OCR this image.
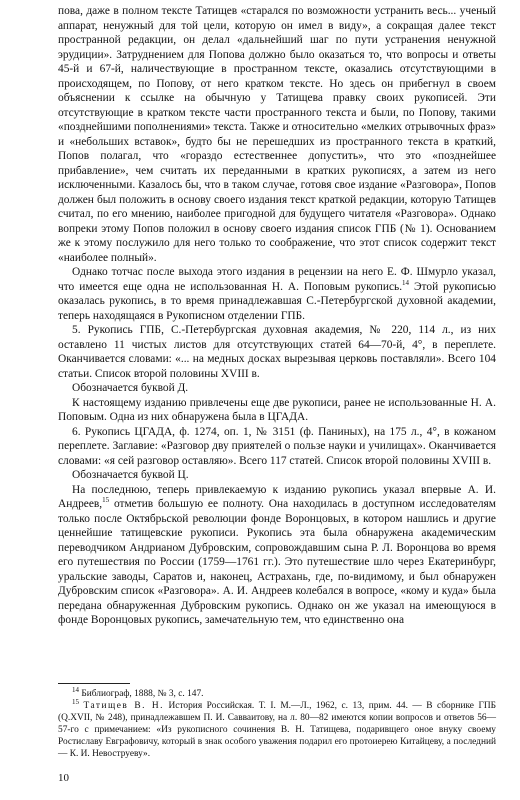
пова, даже в полном тексте Татищев «старался по возможности устранить весь... ученый аппарат, ненужный для той цели, которую он имел в виду», а сокращая далее текст пространной редакции, он делал «дальнейший шаг по пути устранения ненужной эрудиции». Затруднением для Попова должно было оказаться то, что вопросы и ответы 45-й и 67-й, наличествующие в пространном тексте, оказались отсутствующими в происходящем, по Попову, от него кратком тексте. Но здесь он прибегнул в своем объяснении к ссылке на обычную у Татищева правку своих рукописей. Эти отсутствующие в кратком тексте части пространного текста и были, по Попову, такими «позднейшими пополнениями» текста. Также и относительно «мелких отрывочных фраз» и «небольших вставок», будто бы не перешедших из пространного текста в краткий, Попов полагал, что «гораздо естественнее допустить», что это «позднейшее прибавление», чем считать их переданными в кратких рукописях, а затем из него исключенными. Казалось бы, что в таком случае, готовя свое издание «Разговора», Попов должен был положить в основу своего издания текст краткой редакции, которую Татищев считал, по его мнению, наиболее пригодной для будущего читателя «Разговора». Однако вопреки этому Попов положил в основу своего издания список ГПБ (№ 1). Основанием же к этому послужило для него только то соображение, что этот список содержит текст «наиболее полный».

Однако тотчас после выхода этого издания в рецензии на него Е. Ф. Шмурло указал, что имеется еще одна не использованная Н. А. Поповым рукопись.$^{14}$ Этой рукописью оказалась рукопись, в то время принадлежавшая С.-Петербургской духовной академии, теперь находящаяся в Рукописном отделении ГПБ.

5. Рукопись ГПБ, С.-Петербургская духовная академия, № 220, 114 л., из них оставлено 11 чистых листов для отсутствующих статей 64—70-й, 4°, в переплете. Оканчивается словами: «... на медных досках вырезывая церковь поставляли». Всего 104 статьи. Список второй половины XVIII в.

Обозначается буквой Д.

К настоящему изданию привлечены еще две рукописи, ранее не использованные Н. А. Поповым. Одна из них обнаружена была в ЦГАДА.

6. Рукопись ЦГАДА, ф. 1274, оп. 1, № 3151 (ф. Паниных), на 175 л., 4°, в кожаном переплете. Заглавие: «Разговор дву приятелей о пользе науки и училищах». Оканчивается словами: «я сей разговор оставляю». Всего 117 статей. Список второй половины XVIII в.

Обозначается буквой Ц.

На последнюю, теперь привлекаемую к изданию рукопись указал впервые А. И. Андреев,$^{15}$ отметив большую ее полноту. Она находилась в доступном исследователям только после Октябрьской революции фонде Воронцовых, в котором нашлись и другие ценнейшие татищевские рукописи. Рукопись эта была обнаружена академическим переводчиком Андрианом Дубровским, сопровождавшим сына Р. Л. Воронцова во время его путешествия по России (1759—1761 гг.). Это путешествие шло через Екатеринбург, уральские заводы, Саратов и, наконец, Астрахань, где, по-видимому, и был обнаружен Дубровским список «Разговора». А. И. Андреев колебался в вопросе, «кому и куда» была передана обнаруженная Дубровским рукопись. Однако он же указал на имеющуюся в фонде Воронцовых рукопись, замечательную тем, что единственно она

$^{14}$ Библиограф, 1888, № 3, с. 147.

$^{15}$ Татищев В. Н. История Российская. Т. I. М.—Л., 1962, с. 13, прим. 44. — В сборнике ГПБ (Q.XVII, № 248), принадлежавшем П. И. Савваитову, на л. 80—82 имеются копии вопросов и ответов 56—57-го с примечанием: «Из рукописного сочинения В. Н. Татищева, подаривщего оное внуку своему Ростиславу Евграфовичу, который в знак особого уважения подарил его протоиерею Китайцеву, а последний — К. И. Невоструеву».

10
